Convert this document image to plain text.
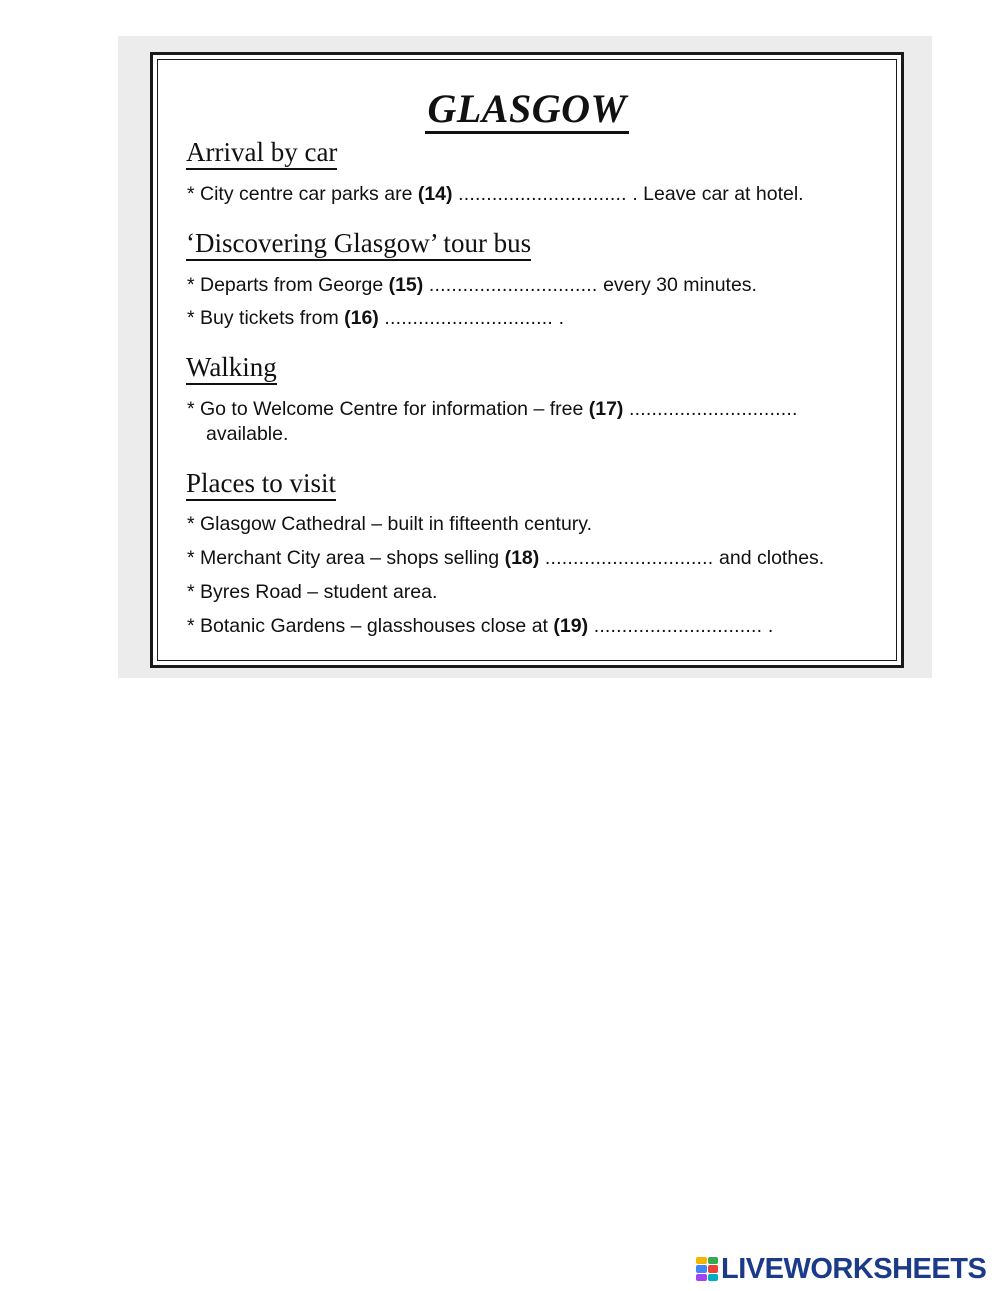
GLASGOW
Arrival by car
* City centre car parks are (14) .............................. . Leave car at hotel.
‘Discovering Glasgow’ tour bus
* Departs from George (15) .............................. every 30 minutes.
* Buy tickets from (16) .............................. .
Walking
* Go to Welcome Centre for information – free (17) ..............................
available.
Places to visit
* Glasgow Cathedral – built in fifteenth century.
* Merchant City area – shops selling (18) .............................. and clothes.
* Byres Road – student area.
* Botanic Gardens – glasshouses close at (19) .............................. .
LIVEWORKSHEETS
